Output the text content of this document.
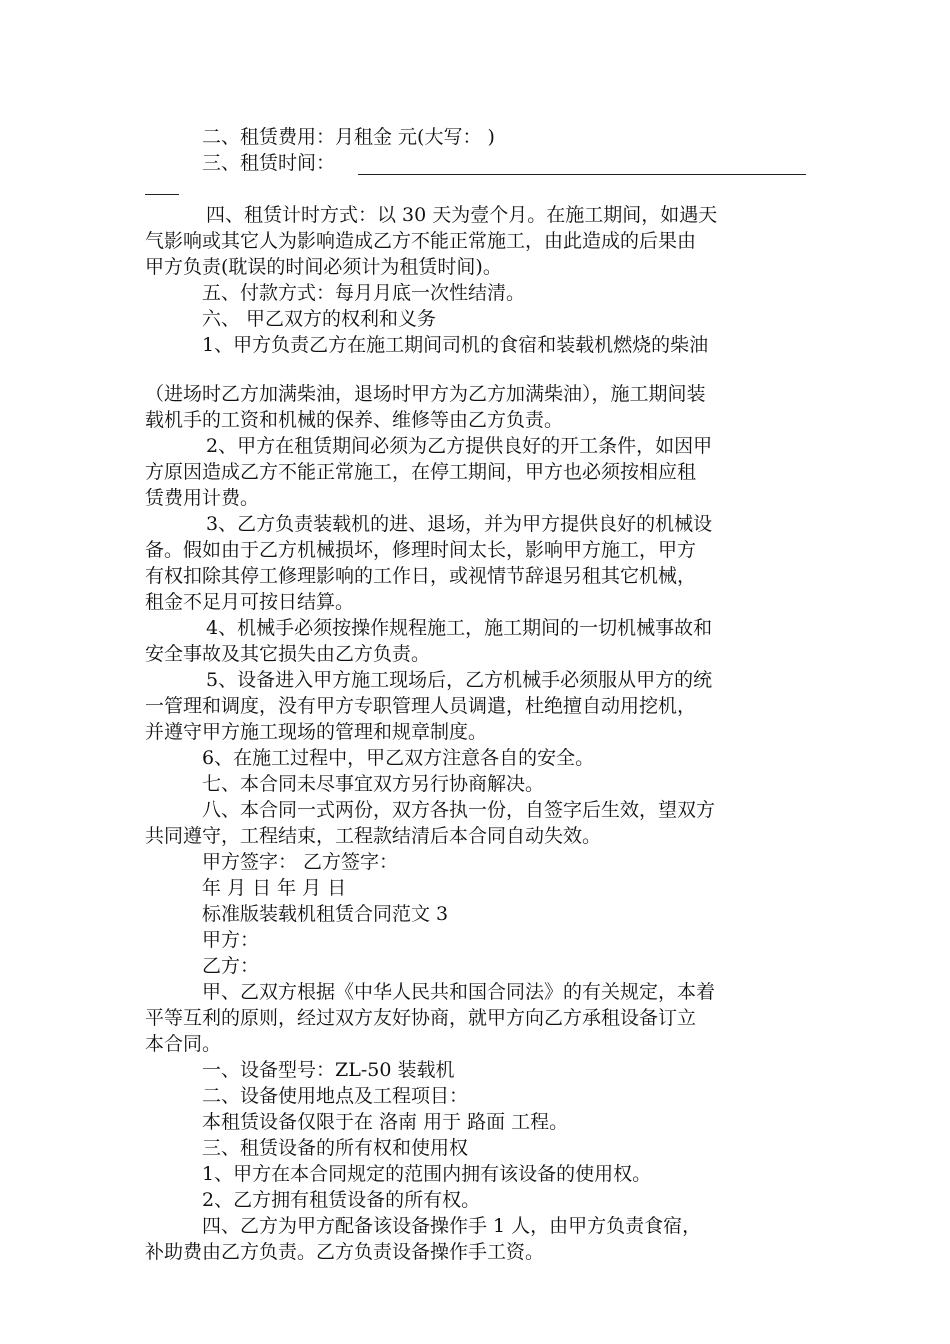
二、租赁费用：月租金 元(大写： )
三、租赁时间：
四、租赁计时方式：以 30 天为壹个月。在施工期间，如遇天
气影响或其它人为影响造成乙方不能正常施工，由此造成的后果由
甲方负责(耽误的时间必须计为租赁时间)。
五、付款方式：每月月底一次性结清。
六、 甲乙双方的权利和义务
1、甲方负责乙方在施工期间司机的食宿和装载机燃烧的柴油
（进场时乙方加满柴油，退场时甲方为乙方加满柴油），施工期间装
载机手的工资和机械的保养、维修等由乙方负责。
2、甲方在租赁期间必须为乙方提供良好的开工条件，如因甲
方原因造成乙方不能正常施工，在停工期间，甲方也必须按相应租
赁费用计费。
3、乙方负责装载机的进、退场，并为甲方提供良好的机械设
备。假如由于乙方机械损坏，修理时间太长，影响甲方施工，甲方
有权扣除其停工修理影响的工作日，或视情节辞退另租其它机械，
租金不足月可按日结算。
4、机械手必须按操作规程施工，施工期间的一切机械事故和
安全事故及其它损失由乙方负责。
5、设备进入甲方施工现场后，乙方机械手必须服从甲方的统
一管理和调度，没有甲方专职管理人员调遣，杜绝擅自动用挖机，
并遵守甲方施工现场的管理和规章制度。
6、在施工过程中，甲乙双方注意各自的安全。
七、本合同未尽事宜双方另行协商解决。
八、本合同一式两份，双方各执一份，自签字后生效，望双方
共同遵守，工程结束，工程款结清后本合同自动失效。
甲方签字： 乙方签字：
年 月 日 年 月 日
标准版装载机租赁合同范文 3
甲方：
乙方：
甲、乙双方根据《中华人民共和国合同法》的有关规定，本着
平等互利的原则，经过双方友好协商，就甲方向乙方承租设备订立
本合同。
一、设备型号：ZL-50 装载机
二、设备使用地点及工程项目：
本租赁设备仅限于在 洛南 用于 路面 工程。
三、租赁设备的所有权和使用权
1、甲方在本合同规定的范围内拥有该设备的使用权。
2、乙方拥有租赁设备的所有权。
四、乙方为甲方配备该设备操作手 1 人，由甲方负责食宿，
补助费由乙方负责。乙方负责设备操作手工资。
